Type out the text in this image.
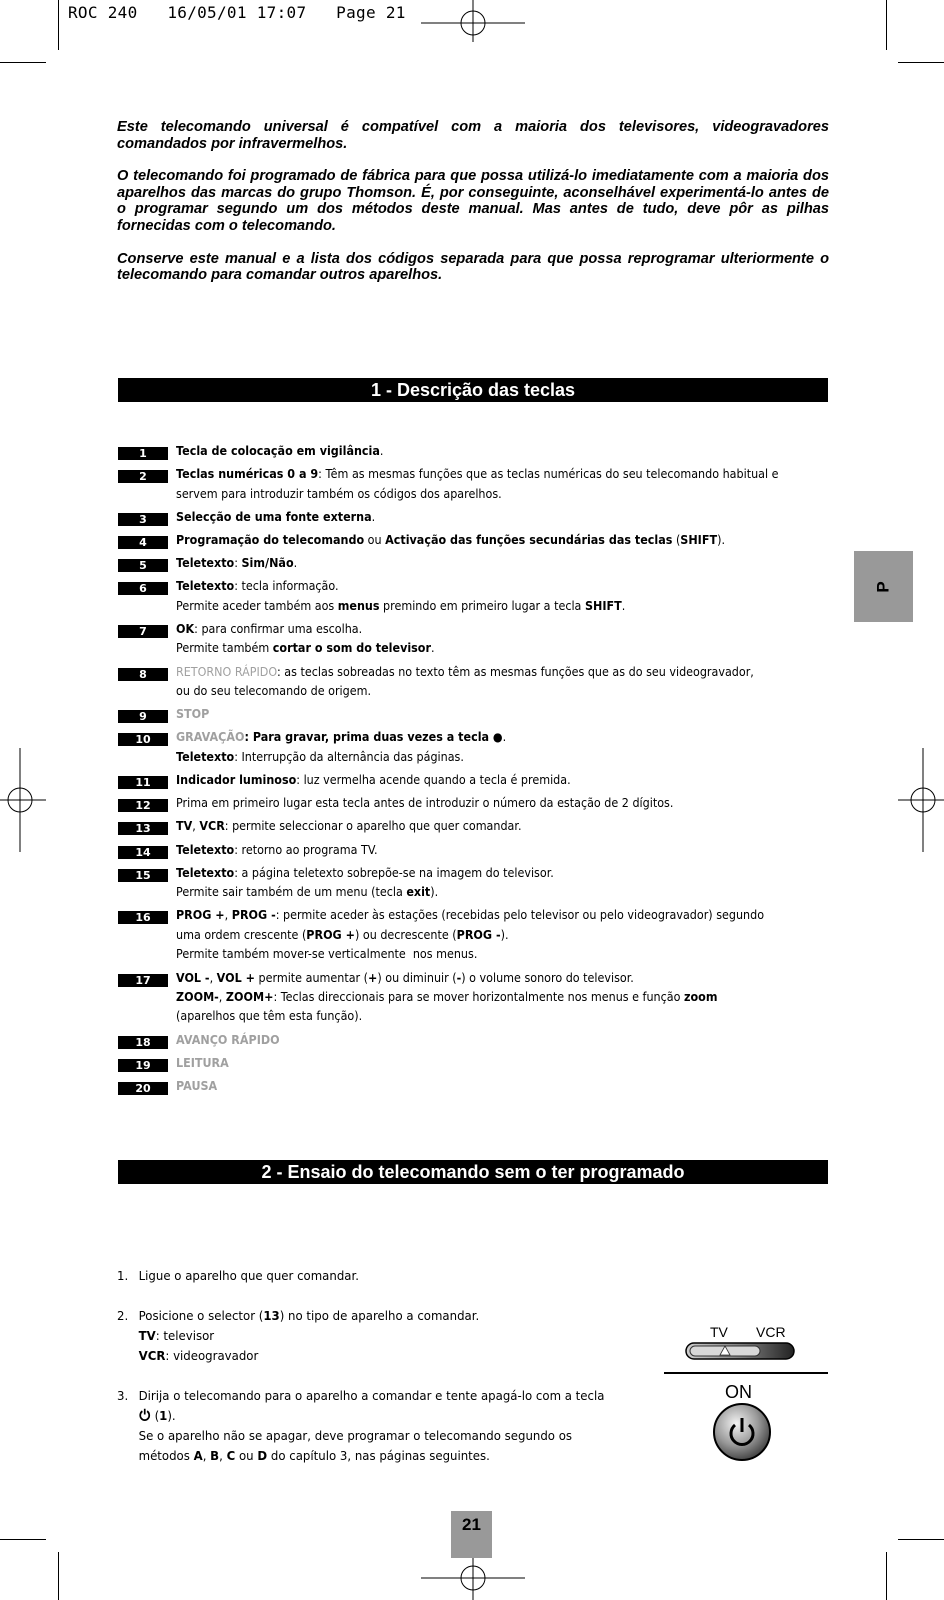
ROC 240   16/05/01 17:07   Page 21

Este telecomando universal é compatível com a maioria dos televisores, videogravadores comandados por infravermelhos.

O telecomando foi programado de fábrica para que possa utilizá-lo imediatamente com a maioria dos aparelhos das marcas do grupo Thomson. É, por conseguinte, aconselhável experimentá-lo antes de o programar segundo um dos métodos deste manual. Mas antes de tudo, deve pôr as pilhas fornecidas com o telecomando.

Conserve este manual e a lista dos códigos separada para que possa reprogramar ulteriormente o telecomando para comandar outros aparelhos.

1 - Descrição das teclas
1	Tecla de colocação em vigilância.
2	Teclas numéricas 0 a 9: Têm as mesmas funções que as teclas numéricas do seu telecomando habitual e
servem para introduzir também os códigos dos aparelhos.
3	Selecção de uma fonte externa.
4	Programação do telecomando ou Activação das funções secundárias das teclas (SHIFT).
5	Teletexto: Sim/Não.
6	Teletexto: tecla informação.
Permite aceder também aos menus premindo em primeiro lugar a tecla SHIFT.
7	OK: para confirmar uma escolha.
Permite também cortar o som do televisor.
8	RETORNO RÁPIDO: as teclas sobreadas no texto têm as mesmas funções que as do seu videogravador,
ou do seu telecomando de origem.
9	STOP
10	GRAVAÇÃO: Para gravar, prima duas vezes a tecla ●.
Teletexto: Interrupção da alternância das páginas.
11	Indicador luminoso: luz vermelha acende quando a tecla é premida.
12	Prima em primeiro lugar esta tecla antes de introduzir o número da estação de 2 dígitos.
13	TV, VCR: permite seleccionar o aparelho que quer comandar.
14	Teletexto: retorno ao programa TV.
15	Teletexto: a página teletexto sobrepõe-se na imagem do televisor.
Permite sair também de um menu (tecla exit).
16	PROG +, PROG -: permite aceder às estações (recebidas pelo televisor ou pelo videogravador) segundo
uma ordem crescente (PROG +) ou decrescente (PROG -).
Permite também mover-se verticalmente  nos menus.
17	VOL -, VOL + permite aumentar (+) ou diminuir (-) o volume sonoro do televisor.
ZOOM-, ZOOM+: Teclas direccionais para se mover horizontalmente nos menus e função zoom
(aparelhos que têm esta função).
18	AVANÇO RÁPIDO
19	LEITURA
20	PAUSA
2 - Ensaio do telecomando sem o ter programado
1. Ligue o aparelho que quer comandar.
2. Posicione o selector (13) no tipo de aparelho a comandar.
TV: televisor
VCR: videogravador
3. Dirija o telecomando para o aparelho a comandar e tente apagá-lo com a tecla
(1).
Se o aparelho não se apagar, deve programar o telecomando segundo os
métodos A, B, C ou D do capítulo 3, nas páginas seguintes.
TV VCR
ON
P
21
